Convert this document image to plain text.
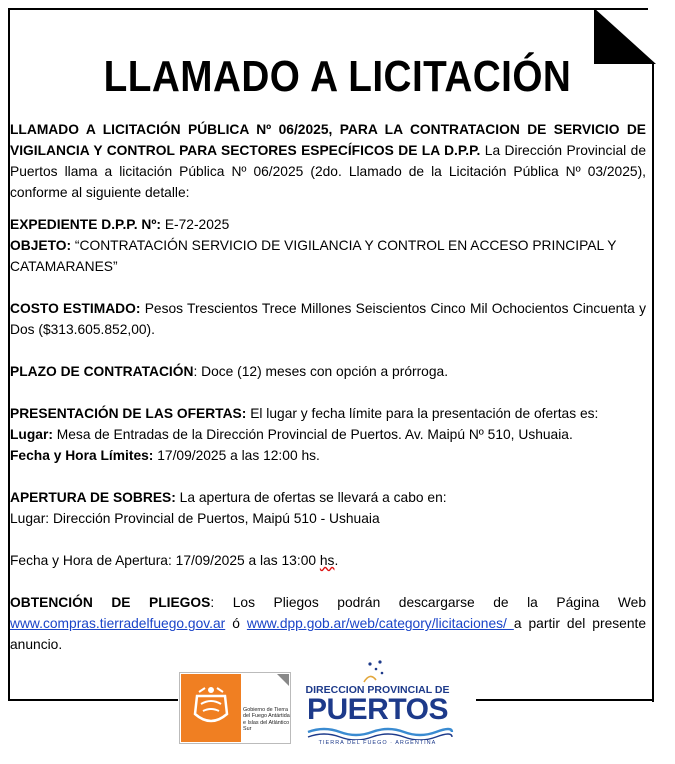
LLAMADO A LICITACIÓN

LLAMADO A LICITACIÓN PÚBLICA Nº 06/2025, PARA LA CONTRATACION DE SERVICIO DE VIGILANCIA Y CONTROL PARA SECTORES ESPECÍFICOS DE LA D.P.P. La Dirección Provincial de Puertos llama a licitación Pública Nº 06/2025 (2do. Llamado de la Licitación Pública Nº 03/2025), conforme al siguiente detalle:

EXPEDIENTE D.P.P. Nº: E-72-2025

OBJETO: “CONTRATACIÓN SERVICIO DE VIGILANCIA Y CONTROL EN ACCESO PRINCIPAL Y CATAMARANES”

COSTO ESTIMADO: Pesos Trescientos Trece Millones Seiscientos Cinco Mil Ochocientos Cincuenta y Dos ($313.605.852,00).

PLAZO DE CONTRATACIÓN: Doce (12) meses con opción a prórroga.

PRESENTACIÓN DE LAS OFERTAS: El lugar y fecha límite para la presentación de ofertas es:

Lugar: Mesa de Entradas de la Dirección Provincial de Puertos. Av. Maipú Nº 510, Ushuaia.

Fecha y Hora Límites: 17/09/2025 a las 12:00 hs.

APERTURA DE SOBRES: La apertura de ofertas se llevará a cabo en:

Lugar: Dirección Provincial de Puertos, Maipú 510 - Ushuaia

Fecha y Hora de Apertura: 17/09/2025 a las 13:00 hs.

OBTENCIÓN DE PLIEGOS: Los Pliegos podrán descargarse de la Página Web www.compras.tierradelfuego.gov.ar ó www.dpp.gob.ar/web/category/licitaciones/ a partir del presente anuncio.

Gobierno de Tierra del Fuego Antártida e Islas del Atlántico Sur
DIRECCION PROVINCIAL DE
PUERTOS
TIERRA DEL FUEGO · ARGENTINA
